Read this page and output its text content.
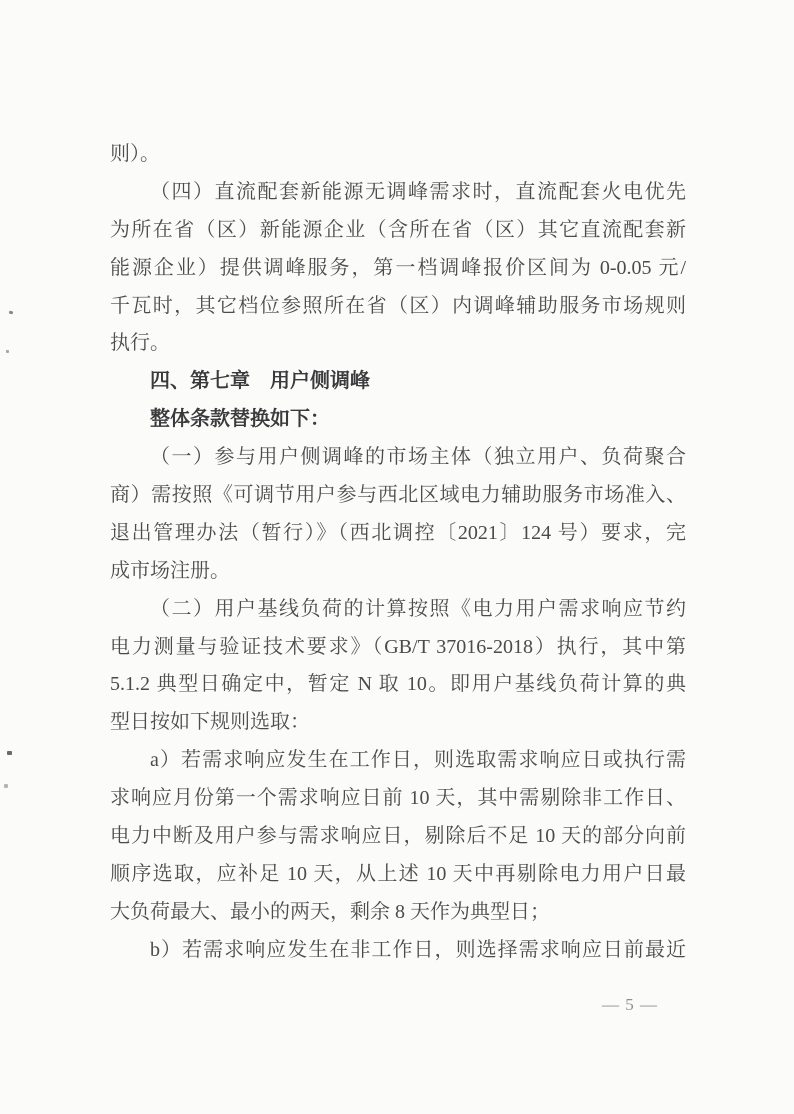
则）。
（四）直流配套新能源无调峰需求时，直流配套火电优先
为所在省（区）新能源企业（含所在省（区）其它直流配套新
能源企业）提供调峰服务，第一档调峰报价区间为 0-0.05 元/
千瓦时，其它档位参照所在省（区）内调峰辅助服务市场规则
执行。
四、第七章　用户侧调峰
整体条款替换如下：
（一）参与用户侧调峰的市场主体（独立用户、负荷聚合
商）需按照《可调节用户参与西北区域电力辅助服务市场准入、
退出管理办法（暂行）》（西北调控〔2021〕124 号）要求，完
成市场注册。
（二）用户基线负荷的计算按照《电力用户需求响应节约
电力测量与验证技术要求》（GB/T 37016-2018）执行，其中第
5.1.2 典型日确定中，暂定 N 取 10。即用户基线负荷计算的典
型日按如下规则选取：
a）若需求响应发生在工作日，则选取需求响应日或执行需
求响应月份第一个需求响应日前 10 天，其中需剔除非工作日、
电力中断及用户参与需求响应日，剔除后不足 10 天的部分向前
顺序选取，应补足 10 天，从上述 10 天中再剔除电力用户日最
大负荷最大、最小的两天，剩余 8 天作为典型日；
b）若需求响应发生在非工作日，则选择需求响应日前最近
— 5 —
